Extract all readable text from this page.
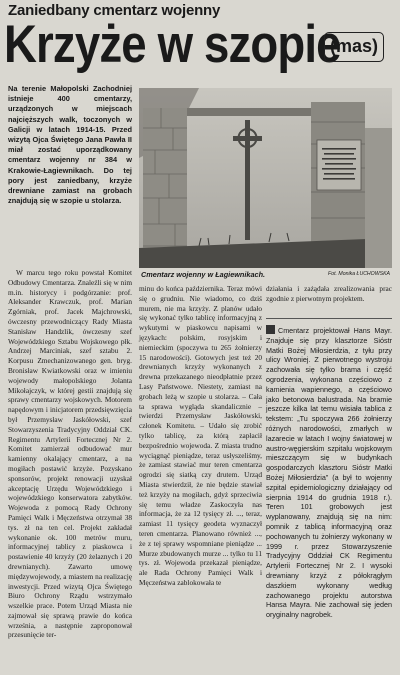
Zaniedbany cmentarz wojenny
Krzyże w szopie
(mas)

Na terenie Małopolski Zachodniej istnieje 400 cmentarzy, urządzonych w miejscach najcięższych walk, toczonych w Galicji w latach 1914-15. Przed wizytą Ojca Świętego Jana Pawła II miał zostać uporządkowany cmentarz wojenny nr 384 w Krakowie-Łagiewnikach. Do tej pory jest zaniedbany, krzyże drewniane zamiast na grobach znajdują się w szopie u stolarza.

Cmentarz wojenny w Łagiewnikach.	Fot. Monika ŁUCHOWSKA

W marcu tego roku powstał Komitet Odbudowy Cmentarza. Znaleźli się w nim m.in. historycy i podgórzanie: prof. Aleksander Krawczuk, prof. Marian Zgórniak, prof. Jacek Majchrowski, ówczesny przewodniczący Rady Miasta Stanisław Handzlik, ówczesny szef Wojewódzkiego Sztabu Wojskowego płk. Andrzej Marciniak, szef sztabu 2. Korpusu Zmechanizowanego gen. bryg. Bronisław Kwiatkowski oraz w imieniu wojewody małopolskiego Jolanta Mikołajczyk, w której gestii znajdują się sprawy cmentarzy wojskowych. Motorem napędowym i inicjatorem przedsięwzięcia był Przemysław Jaskółowski, szef Stowarzyszenia Tradycyjny Oddział CK. Regimentu Artylerii Fortecznej Nr 2. Komitet zamierzał odbudować mur kamienny okalający cmentarz, a na mogiłach postawić krzyże. Pozyskano sponsorów, projekt renowacji uzyskał akceptację Urzędu Wojewódzkiego i wojewódzkiego konserwatora zabytków. Wojewoda z pomocą Rady Ochrony Pamięci Walk i Męczeństwa otrzymał 38 tys. zł na ten cel. Projekt zakładał wykonanie ok. 100 metrów muru, informacyjnej tablicy z piaskowca i postawienie 40 krzyży (20 żelaznych i 20 drewnianych). Zawarto umowę międzywojewody, a miastem na realizację inwestycji. Przed wizytą Ojca Świętego Biuro Ochrony Rządu wstrzymało wszelkie prace. Potem Urząd Miasta nie zajmował się sprawą prawie do końca września, a następnie zaproponował przesunięcie ter-

minu do końca października. Teraz mówi się o grudniu. Nie wiadomo, co dziś murem, nie ma krzyży. Z planów udało się wykonać tylko tablicę informacyjną z wykutymi w piaskowcu napisami w językach: polskim, rosyjskim i niemieckim (spoczywa tu 265 żołnierzy 15 narodowości). Gotowych jest też 20 drewnianych krzyży wykonanych z drewna przekazanego nieodpłatnie przez Lasy Państwowe. Niestety, zamiast na grobach leżą w szopie u stolarza. – Cała ta sprawa wygląda skandalicznie – twierdzi Przemysław Jaskółowski, członek Komitetu. – Udało się zrobić tylko tablicę, za którą zapłacił bezpośrednio wojewoda. Z miasta trudno wyciągnąć pieniądze, teraz usłyszeliśmy, że zamiast stawiać mur teren cmentarza ogrodzi się siatką czy drutem. Urząd Miasta stwierdził, że nie będzie stawiał też krzyży na mogiłach, gdyż sprzeciwia się temu władze Zaskoczyła nas informacja, że za 12 tysięcy zł. ..., teraz, zamiast 11 tysięcy geodeta wyznaczył teren cmentarza. Planowano również ..., że z tej sprawy wspomniane pieniądze ... Murze zbudowanych murze ... tylko tu 11 tys. zł. Wojewoda przekazał pieniądze, ale Rada Ochrony Pamięci Walk i Męczeństwa zablokowała te

działania i zażądała zrealizowania prac zgodnie z pierwotnym projektem.

Cmentarz projektował Hans Mayr. Znajduje się przy klasztorze Sióstr Matki Bożej Miłosierdzia, z tyłu przy ulicy Wroniej. Z pierwotnego wystroju zachowała się tylko brama i część ogrodzenia, wykonana częściowo z kamienia wapiennego, a częściowo jako betonowa balustrada. Na bramie jeszcze kilka lat temu wisiała tablica z tekstem: „Tu spoczywa 266 żołnierzy różnych narodowości, zmarłych w lazarecie w latach I wojny światowej w austro-węgierskim szpitalu wojskowym mieszczącym się w budynkach gospodarczych klasztoru Sióstr Matki Bożej Miłosierdzia” (a był to wojenny szpital epidemiologiczny działający od sierpnia 1914 do grudnia 1918 r.). Teren 101 grobowych jest wyplanowany, znajdują się na nim: pomnik z tablicą informacyjną oraz pochowanych tu żołnierzy wykonany w 1999 r. przez Stowarzyszenie Tradycyjny Oddział CK Regimentu Artylerii Fortecznej Nr 2. I wysoki drewniany krzyż z półokrągłym daszkiem wykonany według zachowanego projektu autorstwa Hansa Mayra. Nie zachował się jeden oryginalny nagrobek.
